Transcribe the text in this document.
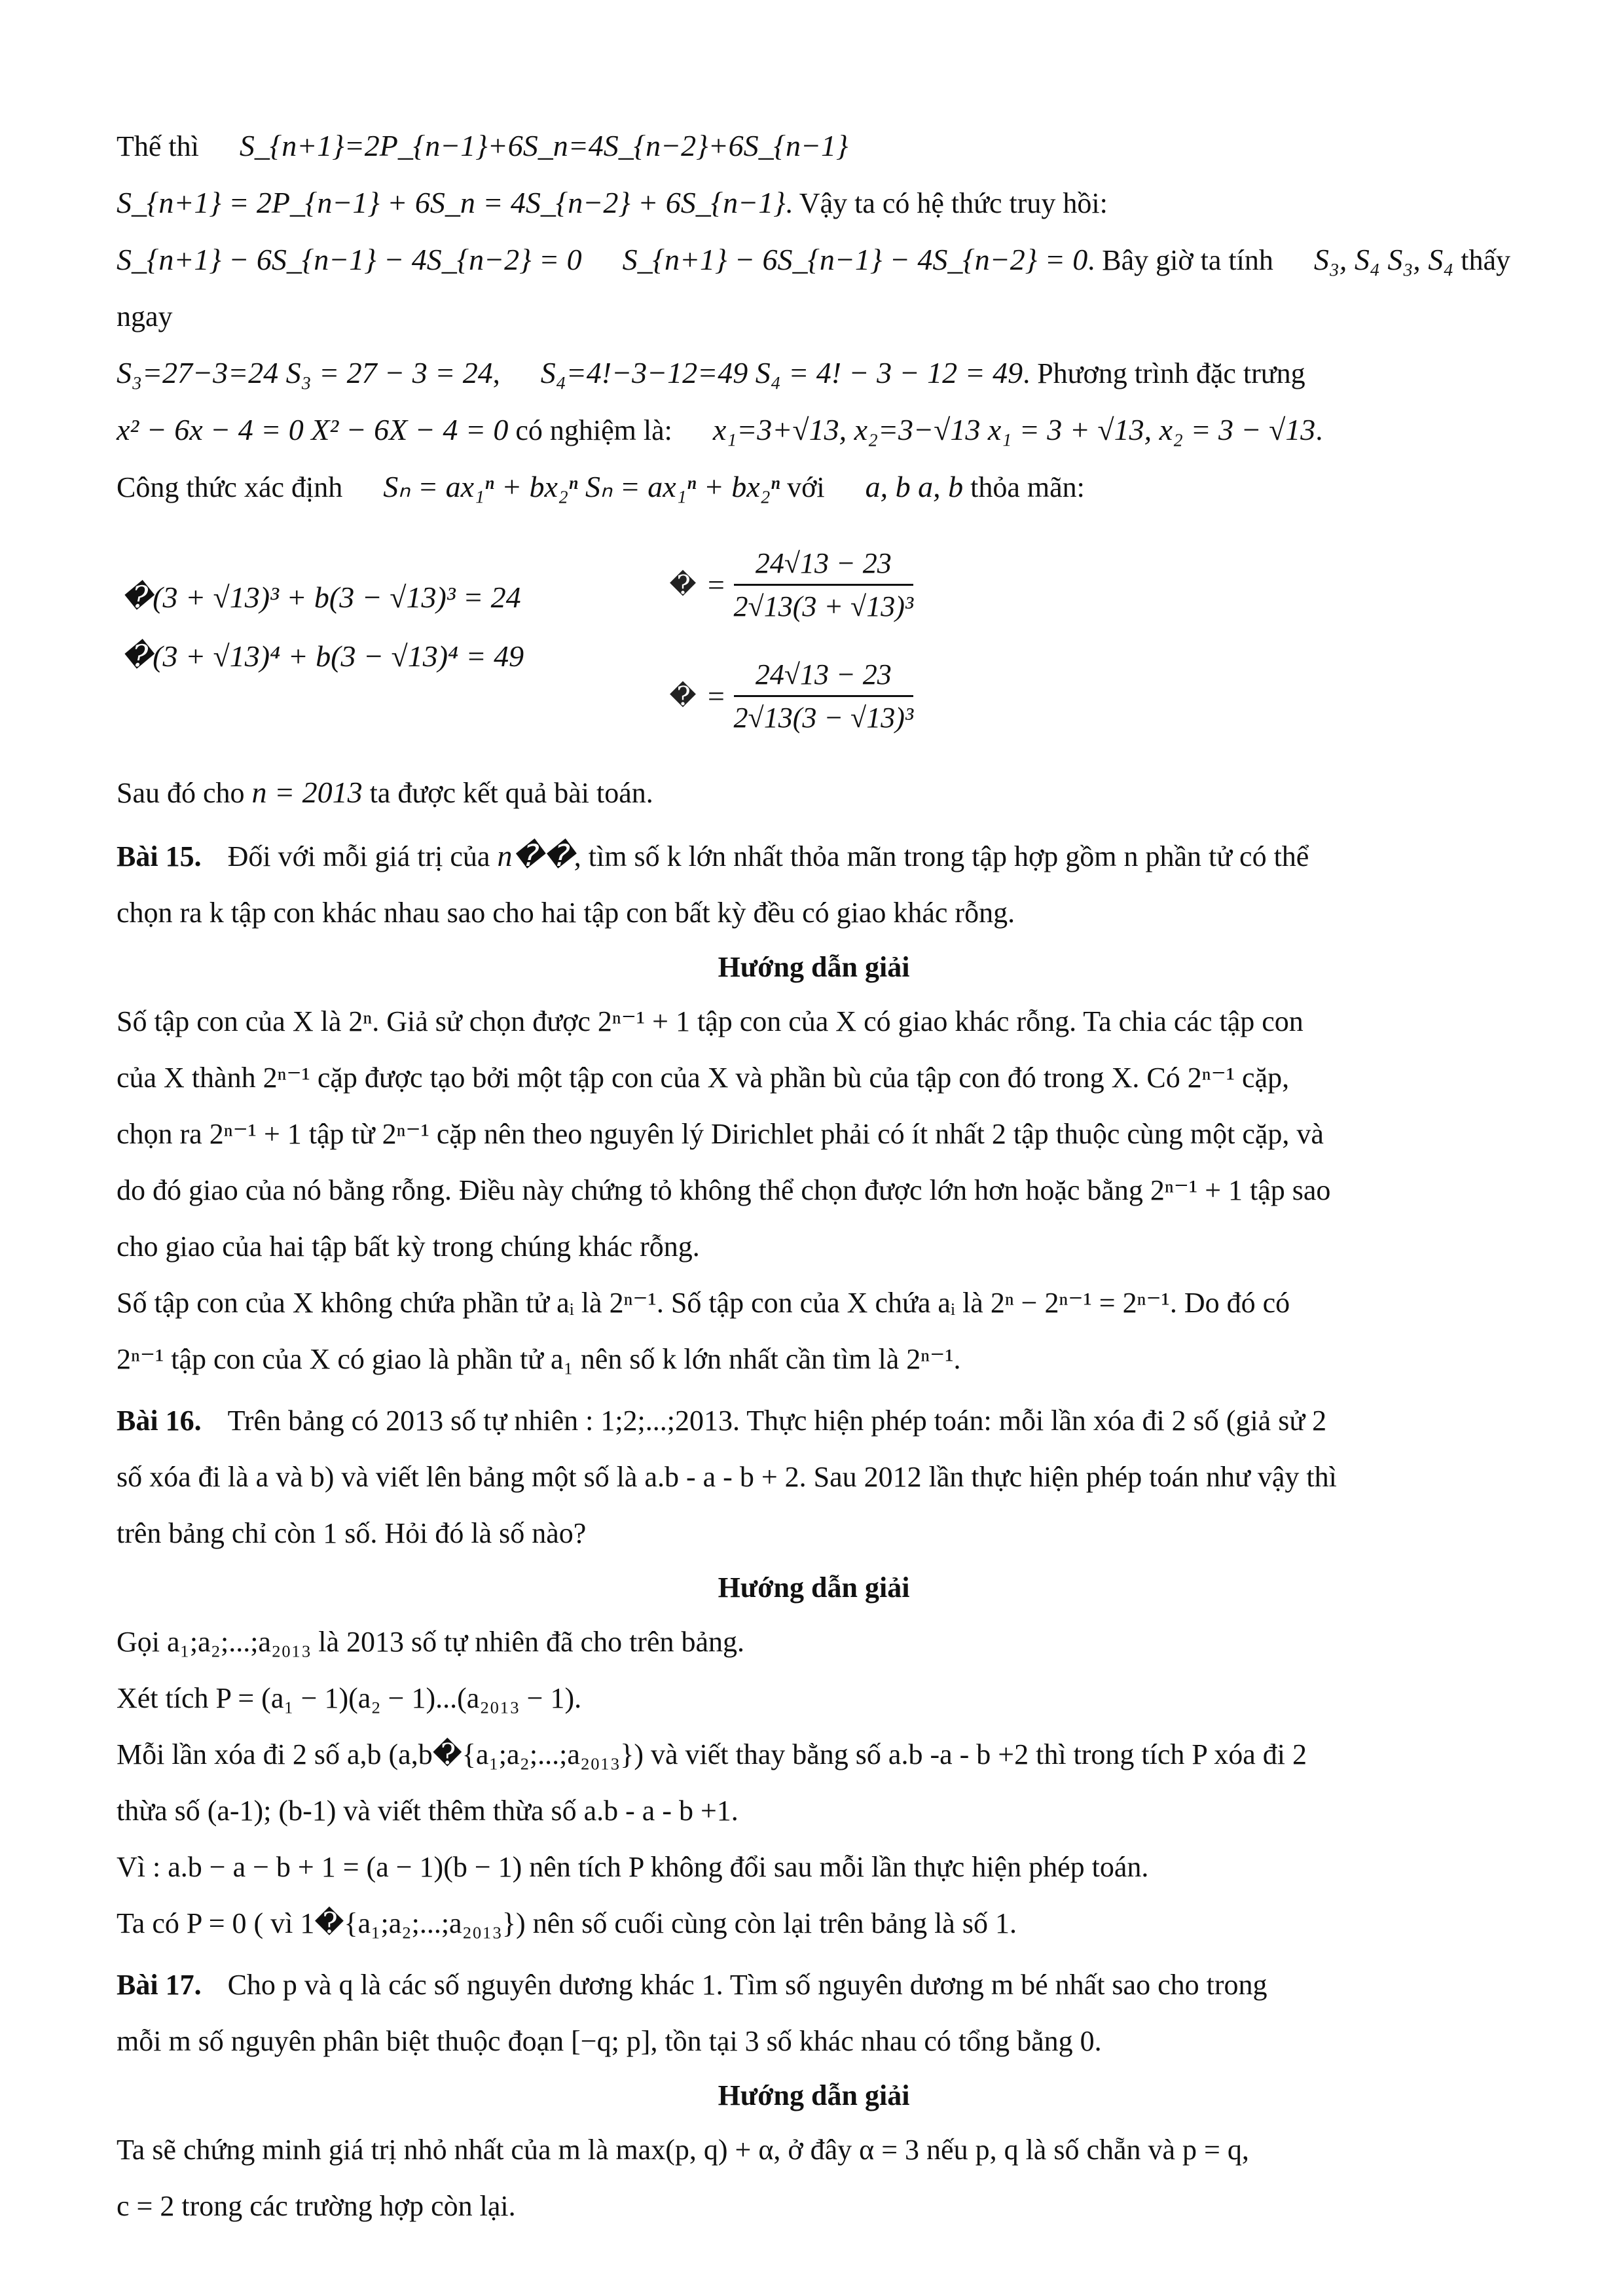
Thế thì S_{n+1}=2P_{n−1}+6S_n=4S_{n−2}+6S_{n−1}  S_{n+1} = 2P_{n−1} + 6S_n = 4S_{n−2} + 6S_{n−1}. Vậy ta có hệ thức truy hồi:

S_{n+1} − 6S_{n−1} − 4S_{n−2} = 0 S_{n+1} − 6S_{n−1} − 4S_{n−2} = 0. Bây giờ ta tính S₃, S₄ S₃, S₄ thấy ngay

S₃=27−3=24 S₃ = 27 − 3 = 24, S₄=4!−3−12=49 S₄ = 4! − 3 − 12 = 49. Phương trình đặc trưng

x² − 6x − 4 = 0 X² − 6X − 4 = 0 có nghiệm là: x₁=3+√13, x₂=3−√13 x₁ = 3 + √13, x₂ = 3 − √13.

Công thức xác định Sₙ = ax₁ⁿ + bx₂ⁿ Sₙ = ax₁ⁿ + bx₂ⁿ với a, b a, b thỏa mãn:

�(3 + √13)³ + b(3 − √13)³ = 24
�(3 + √13)⁴ + b(3 − √13)⁴ = 49
� = $\frac{24√13 - 23}{\text{2√13(3 + √13)³}}$
� = $\frac{24√13 - 23}{\text{2√13(3 − √13)³}}$

Sau đó cho n = 2013 ta được kết quả bài toán.

Bài 15. Đối với mỗi giá trị của n��, tìm số k lớn nhất thỏa mãn trong tập hợp gồm n phần tử có thể

chọn ra k tập con khác nhau sao cho hai tập con bất kỳ đều có giao khác rỗng.

Hướng dẫn giải

Số tập con của X là 2ⁿ. Giả sử chọn được 2ⁿ⁻¹ + 1 tập con của X có giao khác rỗng. Ta chia các tập con

của X thành 2ⁿ⁻¹ cặp được tạo bởi một tập con của X và phần bù của tập con đó trong X. Có 2ⁿ⁻¹ cặp,

chọn ra 2ⁿ⁻¹ + 1 tập từ 2ⁿ⁻¹ cặp nên theo nguyên lý Dirichlet phải có ít nhất 2 tập thuộc cùng một cặp, và

do đó giao của nó bằng rỗng. Điều này chứng tỏ không thể chọn được lớn hơn hoặc bằng 2ⁿ⁻¹ + 1 tập sao

cho giao của hai tập bất kỳ trong chúng khác rỗng.

Số tập con của X không chứa phần tử aᵢ là 2ⁿ⁻¹. Số tập con của X chứa aᵢ là 2ⁿ − 2ⁿ⁻¹ = 2ⁿ⁻¹. Do đó có

2ⁿ⁻¹ tập con của X có giao là phần tử a₁ nên số k lớn nhất cần tìm là 2ⁿ⁻¹.

Bài 16. Trên bảng có 2013 số tự nhiên : 1;2;...;2013. Thực hiện phép toán: mỗi lần xóa đi 2 số (giả sử 2

số xóa đi là a và b) và viết lên bảng một số là a.b - a - b + 2. Sau 2012 lần thực hiện phép toán như vậy thì

trên bảng chỉ còn 1 số. Hỏi đó là số nào?

Hướng dẫn giải

Gọi a₁;a₂;...;a₂₀₁₃ là 2013 số tự nhiên đã cho trên bảng.

Xét tích P = (a₁ − 1)(a₂ − 1)...(a₂₀₁₃ − 1).

Mỗi lần xóa đi 2 số a,b (a,b�{a₁;a₂;...;a₂₀₁₃}) và viết thay bằng số a.b -a - b +2 thì trong tích P xóa đi 2

thừa số (a-1); (b-1) và viết thêm thừa số a.b - a - b +1.

Vì : a.b − a − b + 1 = (a − 1)(b − 1) nên tích P không đổi sau mỗi lần thực hiện phép toán.

Ta có P = 0 ( vì 1�{a₁;a₂;...;a₂₀₁₃}) nên số cuối cùng còn lại trên bảng là số 1.

Bài 17. Cho p và q là các số nguyên dương khác 1. Tìm số nguyên dương m bé nhất sao cho trong

mỗi m số nguyên phân biệt thuộc đoạn [−q; p], tồn tại 3 số khác nhau có tổng bằng 0.

Hướng dẫn giải

Ta sẽ chứng minh giá trị nhỏ nhất của m là max(p, q) + α, ở đây α = 3 nếu p, q là số chẵn và p = q,

c = 2 trong các trường hợp còn lại.
